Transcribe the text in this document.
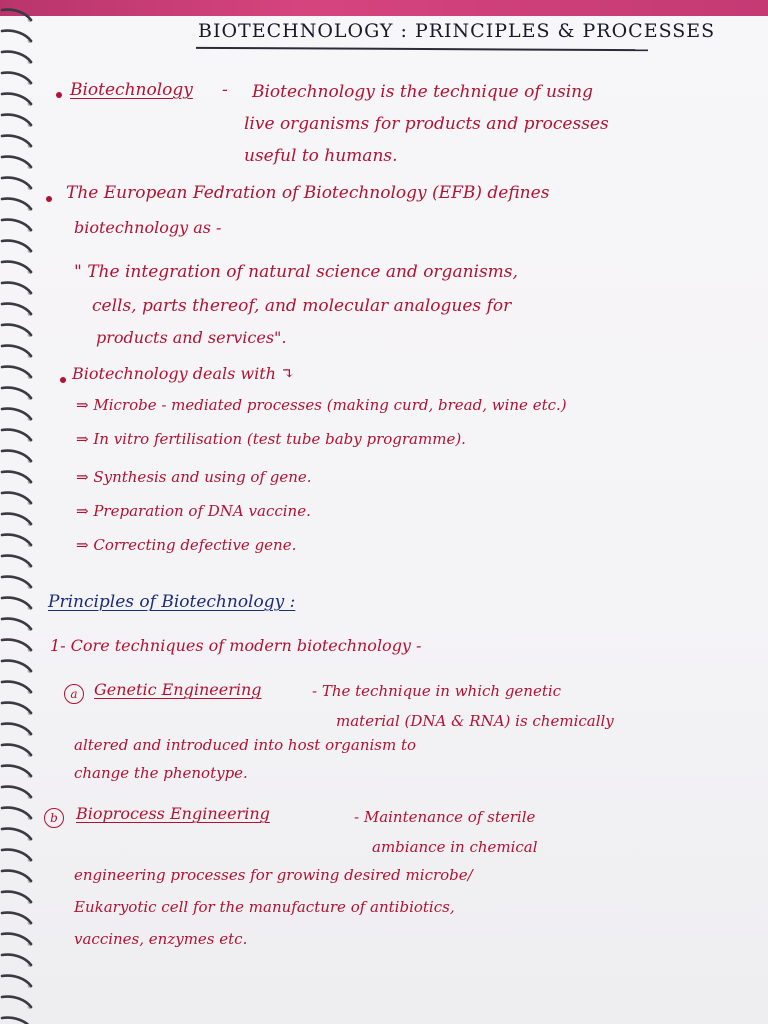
BIOTECHNOLOGY : PRINCIPLES & PROCESSES
Biotechnology - Biotechnology is the technique of using
live organisms for products and processes
useful to humans.
The European Fedration of Biotechnology (EFB) defines
biotechnology as -
" The integration of natural science and organisms,
cells, parts thereof, and molecular analogues for
products and services".
Biotechnology deals with ↴
⇒ Microbe - mediated processes (making curd, bread, wine etc.)
⇒ In vitro fertilisation (test tube baby programme).
⇒ Synthesis and using of gene.
⇒ Preparation of DNA vaccine.
⇒ Correcting defective gene.
Principles of Biotechnology :
1- Core techniques of modern biotechnology -
a	Genetic Engineering	- The technique in which genetic
material (DNA & RNA) is chemically
altered and introduced into host organism to
change the phenotype.
b	Bioprocess Engineering	- Maintenance of sterile
ambiance in chemical
engineering processes for growing desired microbe/
Eukaryotic cell for the manufacture of antibiotics,
vaccines, enzymes etc.
